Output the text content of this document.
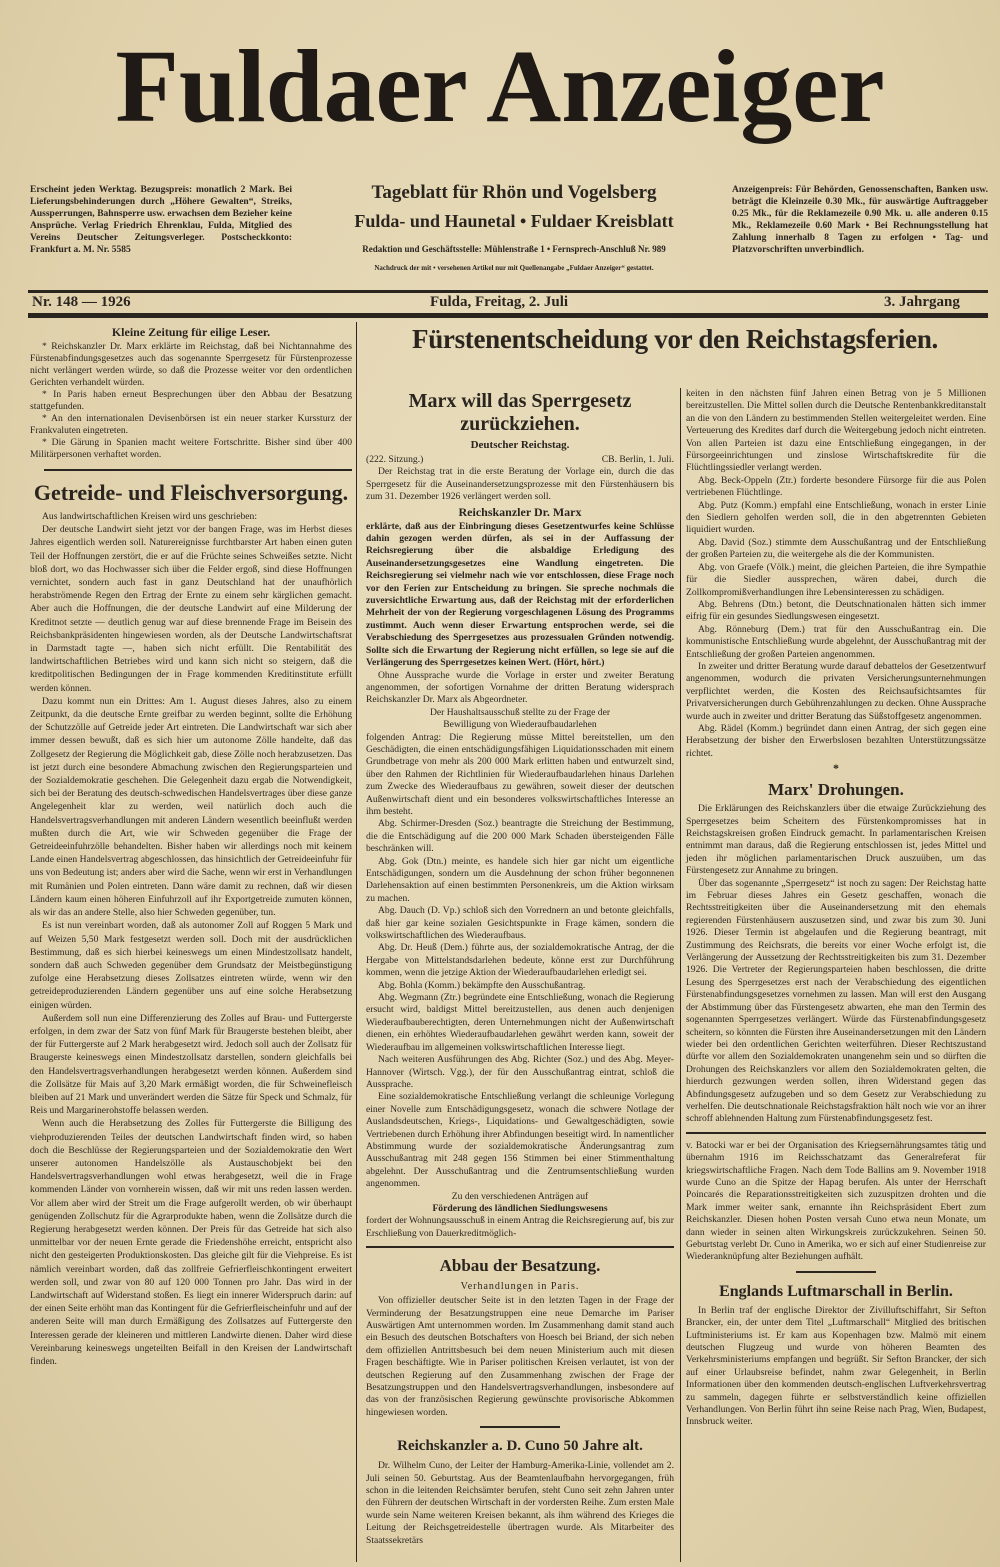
Fuldaer Anzeiger
Erscheint jeden Werktag. Bezugspreis: monatlich 2 Mark. Bei Lieferungsbehinderungen durch „Höhere Gewalten“, Streiks, Aussperrungen, Bahnsperre usw. erwachsen dem Bezieher keine Ansprüche. Verlag Friedrich Ehrenklau, Fulda, Mitglied des Vereins Deutscher Zeitungsverleger. Postscheckkonto: Frankfurt a. M. Nr. 5585
Anzeigenpreis: Für Behörden, Genossenschaften, Banken usw. beträgt die Kleinzeile 0.30 Mk., für auswärtige Auftraggeber 0.25 Mk., für die Reklamezeile 0.90 Mk. u. alle anderen 0.15 Mk., Reklamezeile 0.60 Mark • Bei Rechnungsstellung hat Zahlung innerhalb 8 Tagen zu erfolgen • Tag- und Platzvorschriften unverbindlich.
Tageblatt für Rhön und Vogelsberg
Fulda- und Haunetal • Fuldaer Kreisblatt
Redaktion und Geschäftsstelle: Mühlenstraße 1 • Fernsprech-Anschluß Nr. 989
Nachdruck der mit • versehenen Artikel nur mit Quellenangabe „Fuldaer Anzeiger“ gestattet.
Nr. 148 — 1926	Fulda, Freitag, 2. Juli	3. Jahrgang
Kleine Zeitung für eilige Leser.

* Reichskanzler Dr. Marx erklärte im Reichstag, daß bei Nichtannahme des Fürstenabfindungsgesetzes auch das sogenannte Sperrgesetz für Fürstenprozesse nicht verlängert werden würde, so daß die Prozesse weiter vor den ordentlichen Gerichten verhandelt würden.

* In Paris haben erneut Besprechungen über den Abbau der Besatzung stattgefunden.

* An den internationalen Devisenbörsen ist ein neuer starker Kurssturz der Frankvaluten eingetreten.

* Die Gärung in Spanien macht weitere Fortschritte. Bisher sind über 400 Militärpersonen verhaftet worden.

Getreide- und Fleischversorgung.

Aus landwirtschaftlichen Kreisen wird uns geschrieben:

Der deutsche Landwirt sieht jetzt vor der bangen Frage, was im Herbst dieses Jahres eigentlich werden soll. Naturereignisse furchtbarster Art haben einen guten Teil der Hoffnungen zerstört, die er auf die Früchte seines Schweißes setzte. Nicht bloß dort, wo das Hochwasser sich über die Felder ergoß, sind diese Hoffnungen vernichtet, sondern auch fast in ganz Deutschland hat der unaufhörlich herabströmende Regen den Ertrag der Ernte zu einem sehr kärglichen gemacht. Aber auch die Hoffnungen, die der deutsche Landwirt auf eine Milderung der Kreditnot setzte — deutlich genug war auf diese brennende Frage im Beisein des Reichsbankpräsidenten hingewiesen worden, als der Deutsche Landwirtschaftsrat in Darmstadt tagte —, haben sich nicht erfüllt. Die Rentabilität des landwirtschaftlichen Betriebes wird und kann sich nicht so steigern, daß die kreditpolitischen Bedingungen der in Frage kommenden Kreditinstitute erfüllt werden können.

Dazu kommt nun ein Drittes: Am 1. August dieses Jahres, also zu einem Zeitpunkt, da die deutsche Ernte greifbar zu werden beginnt, sollte die Erhöhung der Schutzzölle auf Getreide jeder Art eintreten. Die Landwirtschaft war sich aber immer dessen bewußt, daß es sich hier um autonome Zölle handelte, daß das Zollgesetz der Regierung die Möglichkeit gab, diese Zölle noch herabzusetzen. Das ist jetzt durch eine besondere Abmachung zwischen den Regierungsparteien und der Sozialdemokratie geschehen. Die Gelegenheit dazu ergab die Notwendigkeit, sich bei der Beratung des deutsch-schwedischen Handelsvertrages über diese ganze Angelegenheit klar zu werden, weil natürlich doch auch die Handelsvertragsverhandlungen mit anderen Ländern wesentlich beeinflußt werden mußten durch die Art, wie wir Schweden gegenüber die Frage der Getreideeinfuhrzölle behandelten. Bisher haben wir allerdings noch mit keinem Lande einen Handelsvertrag abgeschlossen, das hinsichtlich der Getreideeinfuhr für uns von Bedeutung ist; anders aber wird die Sache, wenn wir erst in Verhandlungen mit Rumänien und Polen eintreten. Dann wäre damit zu rechnen, daß wir diesen Ländern kaum einen höheren Einfuhrzoll auf ihr Exportgetreide zumuten können, als wir das an andere Stelle, also hier Schweden gegenüber, tun.

Es ist nun vereinbart worden, daß als autonomer Zoll auf Roggen 5 Mark und auf Weizen 5,50 Mark festgesetzt werden soll. Doch mit der ausdrücklichen Bestimmung, daß es sich hierbei keineswegs um einen Mindestzollsatz handelt, sondern daß auch Schweden gegenüber dem Grundsatz der Meistbegünstigung zufolge eine Herabsetzung dieses Zollsatzes eintreten würde, wenn wir den getreideproduzierenden Ländern gegenüber uns auf eine solche Herabsetzung einigen würden.

Außerdem soll nun eine Differenzierung des Zolles auf Brau- und Futtergerste erfolgen, in dem zwar der Satz von fünf Mark für Braugerste bestehen bleibt, aber der für Futtergerste auf 2 Mark herabgesetzt wird. Jedoch soll auch der Zollsatz für Braugerste keineswegs einen Mindestzollsatz darstellen, sondern gleichfalls bei den Handelsvertragsverhandlungen herabgesetzt werden können. Außerdem sind die Zollsätze für Mais auf 3,20 Mark ermäßigt worden, die für Schweinefleisch bleiben auf 21 Mark und unverändert werden die Sätze für Speck und Schmalz, für Reis und Margarinerohstoffe belassen werden.

Wenn auch die Herabsetzung des Zolles für Futtergerste die Billigung des viehproduzierenden Teiles der deutschen Landwirtschaft finden wird, so haben doch die Beschlüsse der Regierungsparteien und der Sozialdemokratie den Wert unserer autonomen Handelszölle als Austauschobjekt bei den Handelsvertragsverhandlungen wohl etwas herabgesetzt, weil die in Frage kommenden Länder von vornherein wissen, daß wir mit uns reden lassen werden. Vor allem aber wird der Streit um die Frage aufgerollt werden, ob wir überhaupt genügenden Zollschutz für die Agrarprodukte haben, wenn die Zollsätze durch die Regierung herabgesetzt werden können. Der Preis für das Getreide hat sich also unmittelbar vor der neuen Ernte gerade die Friedenshöhe erreicht, entspricht also nicht den gesteigerten Produktionskosten. Das gleiche gilt für die Viehpreise. Es ist nämlich vereinbart worden, daß das zollfreie Gefrierfleischkontingent erweitert werden soll, und zwar von 80 auf 120 000 Tonnen pro Jahr. Das wird in der Landwirtschaft auf Widerstand stoßen. Es liegt ein innerer Widerspruch darin: auf der einen Seite erhöht man das Kontingent für die Gefrierfleischeinfuhr und auf der anderen Seite will man durch Ermäßigung des Zollsatzes auf Futtergerste den Interessen gerade der kleineren und mittleren Landwirte dienen. Daher wird diese Vereinbarung keineswegs ungeteilten Beifall in den Kreisen der Landwirtschaft finden.

Fürstenentscheidung vor den Reichstagsferien.
Marx will das Sperrgesetz zurückziehen.
Deutscher Reichstag.
(222. Sitzung.)	CB. Berlin, 1. Juli.

Der Reichstag trat in die erste Beratung der Vorlage ein, durch die das Sperrgesetz für die Auseinandersetzungsprozesse mit den Fürstenhäusern bis zum 31. Dezember 1926 verlängert werden soll.

Reichskanzler Dr. Marx

erklärte, daß aus der Einbringung dieses Gesetzentwurfes keine Schlüsse dahin gezogen werden dürfen, als sei in der Auffassung der Reichsregierung über die alsbaldige Erledigung des Auseinandersetzungsgesetzes eine Wandlung eingetreten. Die Reichsregierung sei vielmehr nach wie vor entschlossen, diese Frage noch vor den Ferien zur Entscheidung zu bringen. Sie spreche nochmals die zuversichtliche Erwartung aus, daß der Reichstag mit der erforderlichen Mehrheit der von der Regierung vorgeschlagenen Lösung des Programms zustimmt. Auch wenn dieser Erwartung entsprochen werde, sei die Verabschiedung des Sperrgesetzes aus prozessualen Gründen notwendig. Sollte sich die Erwartung der Regierung nicht erfüllen, so lege sie auf die Verlängerung des Sperrgesetzes keinen Wert. (Hört, hört.)

Ohne Aussprache wurde die Vorlage in erster und zweiter Beratung angenommen, der sofortigen Vornahme der dritten Beratung widersprach Reichskanzler Dr. Marx als Abgeordneter.

Der Haushaltsausschuß stellte zu der Frage der

Bewilligung von Wiederaufbaudarlehen

folgenden Antrag: Die Regierung müsse Mittel bereitstellen, um den Geschädigten, die einen entschädigungsfähigen Liquidationsschaden mit einem Grundbetrage von mehr als 200 000 Mark erlitten haben und entwurzelt sind, über den Rahmen der Richtlinien für Wiederaufbaudarlehen hinaus Darlehen zum Zwecke des Wiederaufbaus zu gewähren, soweit dieser der deutschen Außenwirtschaft dient und ein besonderes volkswirtschaftliches Interesse an ihm besteht.

Abg. Schirmer-Dresden (Soz.) beantragte die Streichung der Bestimmung, die die Entschädigung auf die 200 000 Mark Schaden übersteigenden Fälle beschränken will.

Abg. Gok (Dtn.) meinte, es handele sich hier gar nicht um eigentliche Entschädigungen, sondern um die Ausdehnung der schon früher begonnenen Darlehensaktion auf einen bestimmten Personenkreis, um die Aktion wirksam zu machen.

Abg. Dauch (D. Vp.) schloß sich den Vorrednern an und betonte gleichfalls, daß hier gar keine sozialen Gesichtspunkte in Frage kämen, sondern die volkswirtschaftlichen des Wiederaufbaus.

Abg. Dr. Heuß (Dem.) führte aus, der sozialdemokratische Antrag, der die Hergabe von Mittelstandsdarlehen bedeute, könne erst zur Durchführung kommen, wenn die jetzige Aktion der Wiederaufbaudarlehen erledigt sei.

Abg. Bohla (Komm.) bekämpfte den Ausschußantrag.

Abg. Wegmann (Ztr.) begründete eine Entschließung, wonach die Regierung ersucht wird, baldigst Mittel bereitzustellen, aus denen auch denjenigen Wiederaufbauberechtigten, deren Unternehmungen nicht der Außenwirtschaft dienen, ein erhöhtes Wiederaufbaudarlehen gewährt werden kann, soweit der Wiederaufbau im allgemeinen volkswirtschaftlichen Interesse liegt.

Nach weiteren Ausführungen des Abg. Richter (Soz.) und des Abg. Meyer-Hannover (Wirtsch. Vgg.), der für den Ausschußantrag eintrat, schloß die Aussprache.

Eine sozialdemokratische Entschließung verlangt die schleunige Vorlegung einer Novelle zum Entschädigungsgesetz, wonach die schwere Notlage der Auslandsdeutschen, Kriegs-, Liquidations- und Gewaltgeschädigten, sowie Vertriebenen durch Erhöhung ihrer Abfindungen beseitigt wird. In namentlicher Abstimmung wurde der sozialdemokratische Änderungsantrag zum Ausschußantrag mit 248 gegen 156 Stimmen bei einer Stimmenthaltung abgelehnt. Der Ausschußantrag und die Zentrumsentschließung wurden angenommen.

Zu den verschiedenen Anträgen auf

Förderung des ländlichen Siedlungswesens

fordert der Wohnungsausschuß in einem Antrag die Reichsregierung auf, bis zur Erschließung von Dauerkreditmöglich-

Abbau der Besatzung.
Verhandlungen in Paris.

Von offizieller deutscher Seite ist in den letzten Tagen in der Frage der Verminderung der Besatzungstruppen eine neue Demarche im Pariser Auswärtigen Amt unternommen worden. Im Zusammenhang damit stand auch ein Besuch des deutschen Botschafters von Hoesch bei Briand, der sich neben dem offiziellen Antrittsbesuch bei dem neuen Ministerium auch mit diesen Fragen beschäftigte. Wie in Pariser politischen Kreisen verlautet, ist von der deutschen Regierung auf den Zusammenhang zwischen der Frage der Besatzungstruppen und den Handelsvertragsverhandlungen, insbesondere auf das von der französischen Regierung gewünschte provisorische Abkommen hingewiesen worden.

Reichskanzler a. D. Cuno 50 Jahre alt.

Dr. Wilhelm Cuno, der Leiter der Hamburg-Amerika-Linie, vollendet am 2. Juli seinen 50. Geburtstag. Aus der Beamtenlaufbahn hervorgegangen, früh schon in die leitenden Reichsämter berufen, steht Cuno seit zehn Jahren unter den Führern der deutschen Wirtschaft in der vordersten Reihe. Zum ersten Male wurde sein Name weiteren Kreisen bekannt, als ihm während des Krieges die Leitung der Reichsgetreidestelle übertragen wurde. Als Mitarbeiter des Staatssekretärs

keiten in den nächsten fünf Jahren einen Betrag von je 5 Millionen bereitzustellen. Die Mittel sollen durch die Deutsche Rentenbankkreditanstalt an die von den Ländern zu bestimmenden Stellen weitergeleitet werden. Eine Verteuerung des Kredites darf durch die Weitergebung jedoch nicht eintreten. Von allen Parteien ist dazu eine Entschließung eingegangen, in der Fürsorgeeinrichtungen und zinslose Wirtschaftskredite für die Flüchtlingssiedler verlangt werden.

Abg. Beck-Oppeln (Ztr.) forderte besondere Fürsorge für die aus Polen vertriebenen Flüchtlinge.

Abg. Putz (Komm.) empfahl eine Entschließung, wonach in erster Linie den Siedlern geholfen werden soll, die in den abgetrennten Gebieten liquidiert wurden.

Abg. David (Soz.) stimmte dem Ausschußantrag und der Entschließung der großen Parteien zu, die weitergehe als die der Kommunisten.

Abg. von Graefe (Völk.) meint, die gleichen Parteien, die ihre Sympathie für die Siedler aussprechen, wären dabei, durch die Zollkompromißverhandlungen ihre Lebensinteressen zu schädigen.

Abg. Behrens (Dtn.) betont, die Deutschnationalen hätten sich immer eifrig für ein gesundes Siedlungswesen eingesetzt.

Abg. Rönneburg (Dem.) trat für den Ausschußantrag ein. Die kommunistische Entschließung wurde abgelehnt, der Ausschußantrag mit der Entschließung der großen Parteien angenommen.

In zweiter und dritter Beratung wurde darauf debattelos der Gesetzentwurf angenommen, wodurch die privaten Versicherungsunternehmungen verpflichtet werden, die Kosten des Reichsaufsichtsamtes für Privatversicherungen durch Gebührenzahlungen zu decken. Ohne Aussprache wurde auch in zweiter und dritter Beratung das Süßstoffgesetz angenommen.

Abg. Rädel (Komm.) begründet dann einen Antrag, der sich gegen eine Herabsetzung der bisher den Erwerbslosen bezahlten Unterstützungssätze richtet.

*
Marx' Drohungen.

Die Erklärungen des Reichskanzlers über die etwaige Zurückziehung des Sperrgesetzes beim Scheitern des Fürstenkompromisses hat in Reichstagskreisen großen Eindruck gemacht. In parlamentarischen Kreisen entnimmt man daraus, daß die Regierung entschlossen ist, jedes Mittel und jeden ihr möglichen parlamentarischen Druck auszuüben, um das Fürstengesetz zur Annahme zu bringen.

Über das sogenannte „Sperrgesetz“ ist noch zu sagen: Der Reichstag hatte im Februar dieses Jahres ein Gesetz geschaffen, wonach die Rechtsstreitigkeiten über die Auseinandersetzung mit den ehemals regierenden Fürstenhäusern auszusetzen sind, und zwar bis zum 30. Juni 1926. Dieser Termin ist abgelaufen und die Regierung beantragt, mit Zustimmung des Reichsrats, die bereits vor einer Woche erfolgt ist, die Verlängerung der Aussetzung der Rechtsstreitigkeiten bis zum 31. Dezember 1926. Die Vertreter der Regierungsparteien haben beschlossen, die dritte Lesung des Sperrgesetzes erst nach der Verabschiedung des eigentlichen Fürstenabfindungsgesetzes vornehmen zu lassen. Man will erst den Ausgang der Abstimmung über das Fürstengesetz abwarten, ehe man den Termin des sogenannten Sperrgesetzes verlängert. Würde das Fürstenabfindungsgesetz scheitern, so könnten die Fürsten ihre Auseinandersetzungen mit den Ländern wieder bei den ordentlichen Gerichten weiterführen. Dieser Rechtszustand dürfte vor allem den Sozialdemokraten unangenehm sein und so dürften die Drohungen des Reichskanzlers vor allem den Sozialdemokraten gelten, die hierdurch gezwungen werden sollen, ihren Widerstand gegen das Abfindungsgesetz aufzugeben und so dem Gesetz zur Verabschiedung zu verhelfen. Die deutschnationale Reichstagsfraktion hält noch wie vor an ihrer schroff ablehnenden Haltung zum Fürstenabfindungsgesetz fest.

v. Batocki war er bei der Organisation des Kriegsernährungsamtes tätig und übernahm 1916 im Reichsschatzamt das Generalreferat für kriegswirtschaftliche Fragen. Nach dem Tode Ballins am 9. November 1918 wurde Cuno an die Spitze der Hapag berufen. Als unter der Herrschaft Poincarés die Reparationsstreitigkeiten sich zuzuspitzen drohten und die Mark immer weiter sank, ernannte ihn Reichspräsident Ebert zum Reichskanzler. Diesen hohen Posten versah Cuno etwa neun Monate, um dann wieder in seinen alten Wirkungskreis zurückzukehren. Seinen 50. Geburtstag verlebt Dr. Cuno in Amerika, wo er sich auf einer Studienreise zur Wiederanknüpfung alter Beziehungen aufhält.

Englands Luftmarschall in Berlin.

In Berlin traf der englische Direktor der Zivilluftschiffahrt, Sir Sefton Brancker, ein, der unter dem Titel „Luftmarschall“ Mitglied des britischen Luftministeriums ist. Er kam aus Kopenhagen bzw. Malmö mit einem deutschen Flugzeug und wurde von höheren Beamten des Verkehrsministeriums empfangen und begrüßt. Sir Sefton Brancker, der sich auf einer Urlaubsreise befindet, nahm zwar Gelegenheit, in Berlin Informationen über den kommenden deutsch-englischen Luftverkehrsvertrag zu sammeln, dagegen führte er selbstverständlich keine offiziellen Verhandlungen. Von Berlin führt ihn seine Reise nach Prag, Wien, Budapest, Innsbruck weiter.
